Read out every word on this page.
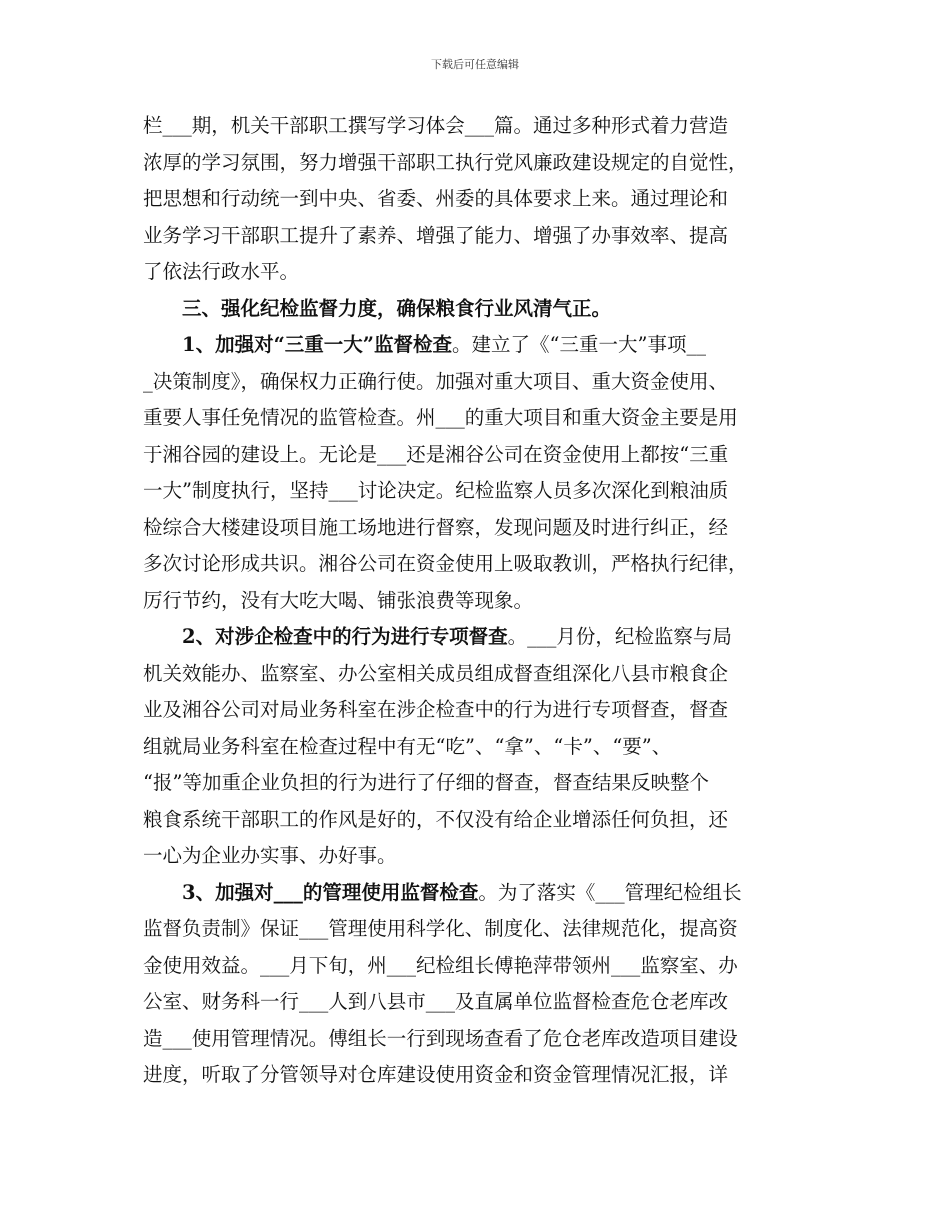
下载后可任意编辑
栏___期，机关干部职工撰写学习体会___篇。通过多种形式着力营造
浓厚的学习氛围，努力增强干部职工执行党风廉政建设规定的自觉性，
把思想和行动统一到中央、省委、州委的具体要求上来。通过理论和
业务学习干部职工提升了素养、增强了能力、增强了办事效率、提高
了依法行政水平。
三、强化纪检监督力度，确保粮食行业风清气正。
1、加强对“三重一大”监督检查。建立了《“三重一大”事项__
_决策制度》，确保权力正确行使。加强对重大项目、重大资金使用、
重要人事任免情况的监管检查。州___的重大项目和重大资金主要是用
于湘谷园的建设上。无论是___还是湘谷公司在资金使用上都按“三重
一大”制度执行，坚持___讨论决定。纪检监察人员多次深化到粮油质
检综合大楼建设项目施工场地进行督察，发现问题及时进行纠正，经
多次讨论形成共识。湘谷公司在资金使用上吸取教训，严格执行纪律，
厉行节约，没有大吃大喝、铺张浪费等现象。
2、对涉企检查中的行为进行专项督查。___月份，纪检监察与局
机关效能办、监察室、办公室相关成员组成督查组深化八县市粮食企
业及湘谷公司对局业务科室在涉企检查中的行为进行专项督查，督查
组就局业务科室在检查过程中有无“吃”、“拿”、“卡”、“要”、
“报”等加重企业负担的行为进行了仔细的督查，督查结果反映整个
粮食系统干部职工的作风是好的，不仅没有给企业增添任何负担，还
一心为企业办实事、办好事。
3、加强对___的管理使用监督检查。为了落实《___管理纪检组长
监督负责制》保证___管理使用科学化、制度化、法律规范化，提高资
金使用效益。___月下旬，州___纪检组长傅艳萍带领州___监察室、办
公室、财务科一行___人到八县市___及直属单位监督检查危仓老库改
造___使用管理情况。傅组长一行到现场查看了危仓老库改造项目建设
进度，听取了分管领导对仓库建设使用资金和资金管理情况汇报，详
